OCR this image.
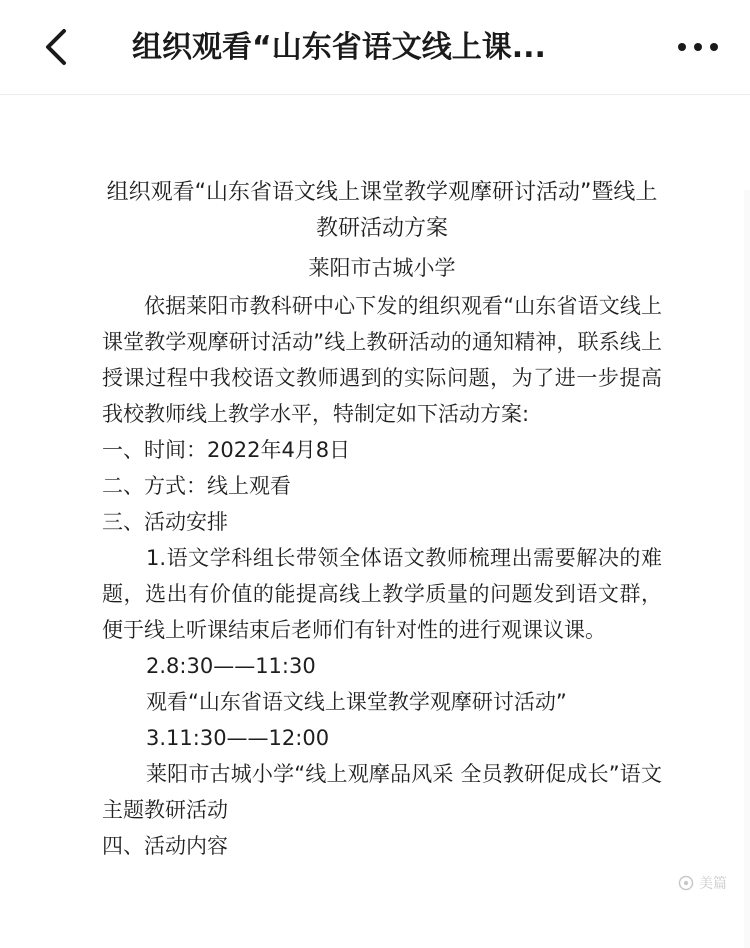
组织观看“山东省语文线上课...
组织观看“山东省语文线上课堂教学观摩研讨活动”暨线上教研活动方案
莱阳市古城小学

依据莱阳市教科研中心下发的组织观看“山东省语文线上课堂教学观摩研讨活动”线上教研活动的通知精神，联系线上授课过程中我校语文教师遇到的实际问题，为了进一步提高我校教师线上教学水平，特制定如下活动方案:

一、时间：2022年4月8日

二、方式：线上观看

三、活动安排

1.语文学科组长带领全体语文教师梳理出需要解决的难题，选出有价值的能提高线上教学质量的问题发到语文群，便于线上听课结束后老师们有针对性的进行观课议课。

2.8:30——11:30

观看“山东省语文线上课堂教学观摩研讨活动”

3.11:30——12:00

莱阳市古城小学“线上观摩品风采 全员教研促成长”语文主题教研活动

四、活动内容

美篇
